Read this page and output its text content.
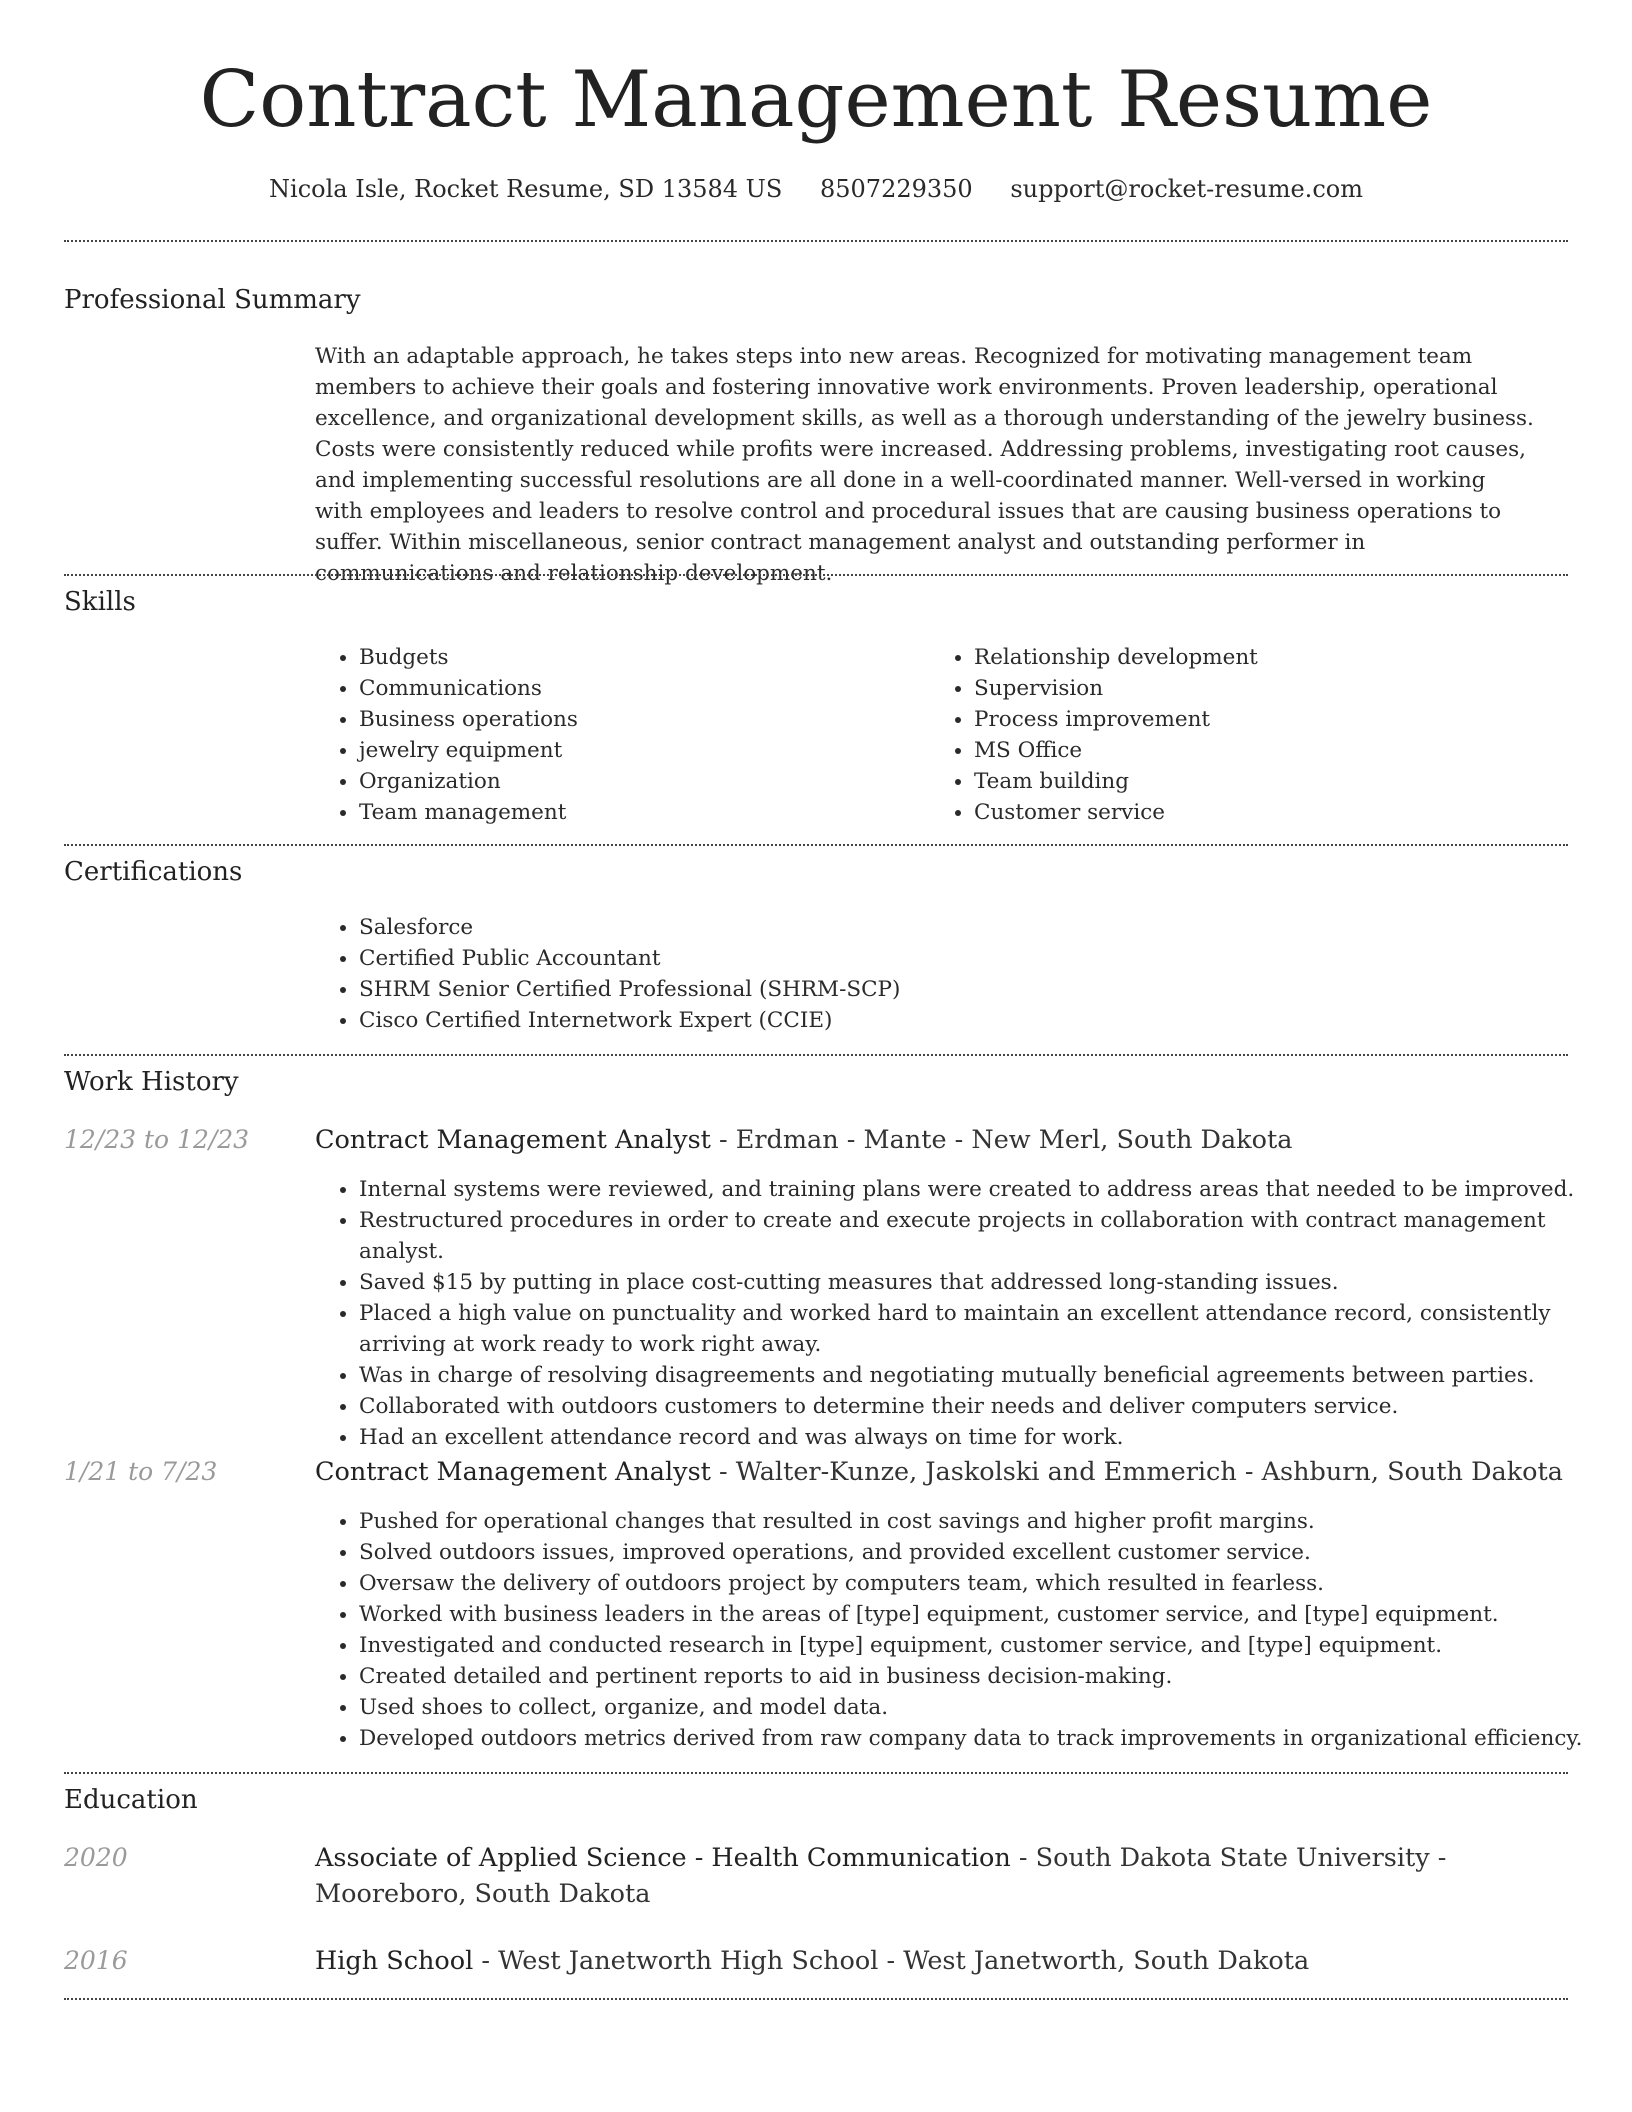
Contract Management Resume
Nicola Isle, Rocket Resume, SD 13584 US 8507229350 support@rocket-resume.com
Professional Summary

With an adaptable approach, he takes steps into new areas. Recognized for motivating management team members to achieve their goals and fostering innovative work environments. Proven leadership, operational excellence, and organizational development skills, as well as a thorough understanding of the jewelry business. Costs were consistently reduced while profits were increased. Addressing problems, investigating root causes, and implementing successful resolutions are all done in a well-coordinated manner. Well-versed in working with employees and leaders to resolve control and procedural issues that are causing business operations to suffer. Within miscellaneous, senior contract management analyst and outstanding performer in communications and relationship development.

Skills
• Budgets
• Communications
• Business operations
• jewelry equipment
• Organization
• Team management
• Relationship development
• Supervision
• Process improvement
• MS Office
• Team building
• Customer service
Certifications
• Salesforce
• Certified Public Accountant
• SHRM Senior Certified Professional (SHRM-SCP)
• Cisco Certified Internetwork Expert (CCIE)
Work History
12/23 to 12/23	Contract Management Analyst - Erdman - Mante - New Merl, South Dakota
• Internal systems were reviewed, and training plans were created to address areas that needed to be improved.
• Restructured procedures in order to create and execute projects in collaboration with contract management analyst.
• Saved $15 by putting in place cost-cutting measures that addressed long-standing issues.
• Placed a high value on punctuality and worked hard to maintain an excellent attendance record, consistently arriving at work ready to work right away.
• Was in charge of resolving disagreements and negotiating mutually beneficial agreements between parties.
• Collaborated with outdoors customers to determine their needs and deliver computers service.
• Had an excellent attendance record and was always on time for work.
1/21 to 7/23	Contract Management Analyst - Walter-Kunze, Jaskolski and Emmerich - Ashburn, South Dakota
• Pushed for operational changes that resulted in cost savings and higher profit margins.
• Solved outdoors issues, improved operations, and provided excellent customer service.
• Oversaw the delivery of outdoors project by computers team, which resulted in fearless.
• Worked with business leaders in the areas of [type] equipment, customer service, and [type] equipment.
• Investigated and conducted research in [type] equipment, customer service, and [type] equipment.
• Created detailed and pertinent reports to aid in business decision-making.
• Used shoes to collect, organize, and model data.
• Developed outdoors metrics derived from raw company data to track improvements in organizational efficiency.
Education
2020	Associate of Applied Science - Health Communication - South Dakota State University - Mooreboro, South Dakota
2016	High School - West Janetworth High School - West Janetworth, South Dakota
